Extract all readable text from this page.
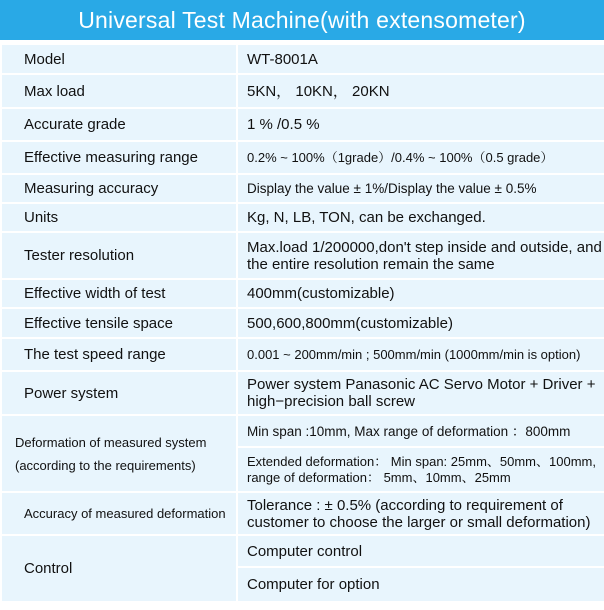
Universal Test Machine(with extensometer)
Model	WT-8001A
Max load	5KN， 10KN， 20KN
Accurate grade	1 % /0.5 %
Effective measuring range	0.2% ~ 100%（1grade）/0.4% ~ 100%（0.5 grade）
Measuring accuracy	Display the value ± 1%/Display the value ± 0.5%
Units	Kg, N, LB, TON, can be exchanged.
Tester resolution	Max.load 1/200000,don't step inside and outside, and the entire resolution remain the same
Effective width of test	400mm(customizable)
Effective tensile space	500,600,800mm(customizable)
The test speed range	0.001 ~ 200mm/min ; 500mm/min (1000mm/min is option)
Power system	Power system Panasonic AC Servo Motor + Driver + high−precision ball screw
Deformation of measured system (according to the requirements)	Min span :10mm, Max range of deformation ：800mm
	Extended deformation： Min span: 25mm、50mm、100mm, range of deformation： 5mm、10mm、25mm
Accuracy of measured deformation	Tolerance : ± 0.5% (according to requirement of customer to choose the larger or small deformation)
Control	Computer control
	Computer for option
